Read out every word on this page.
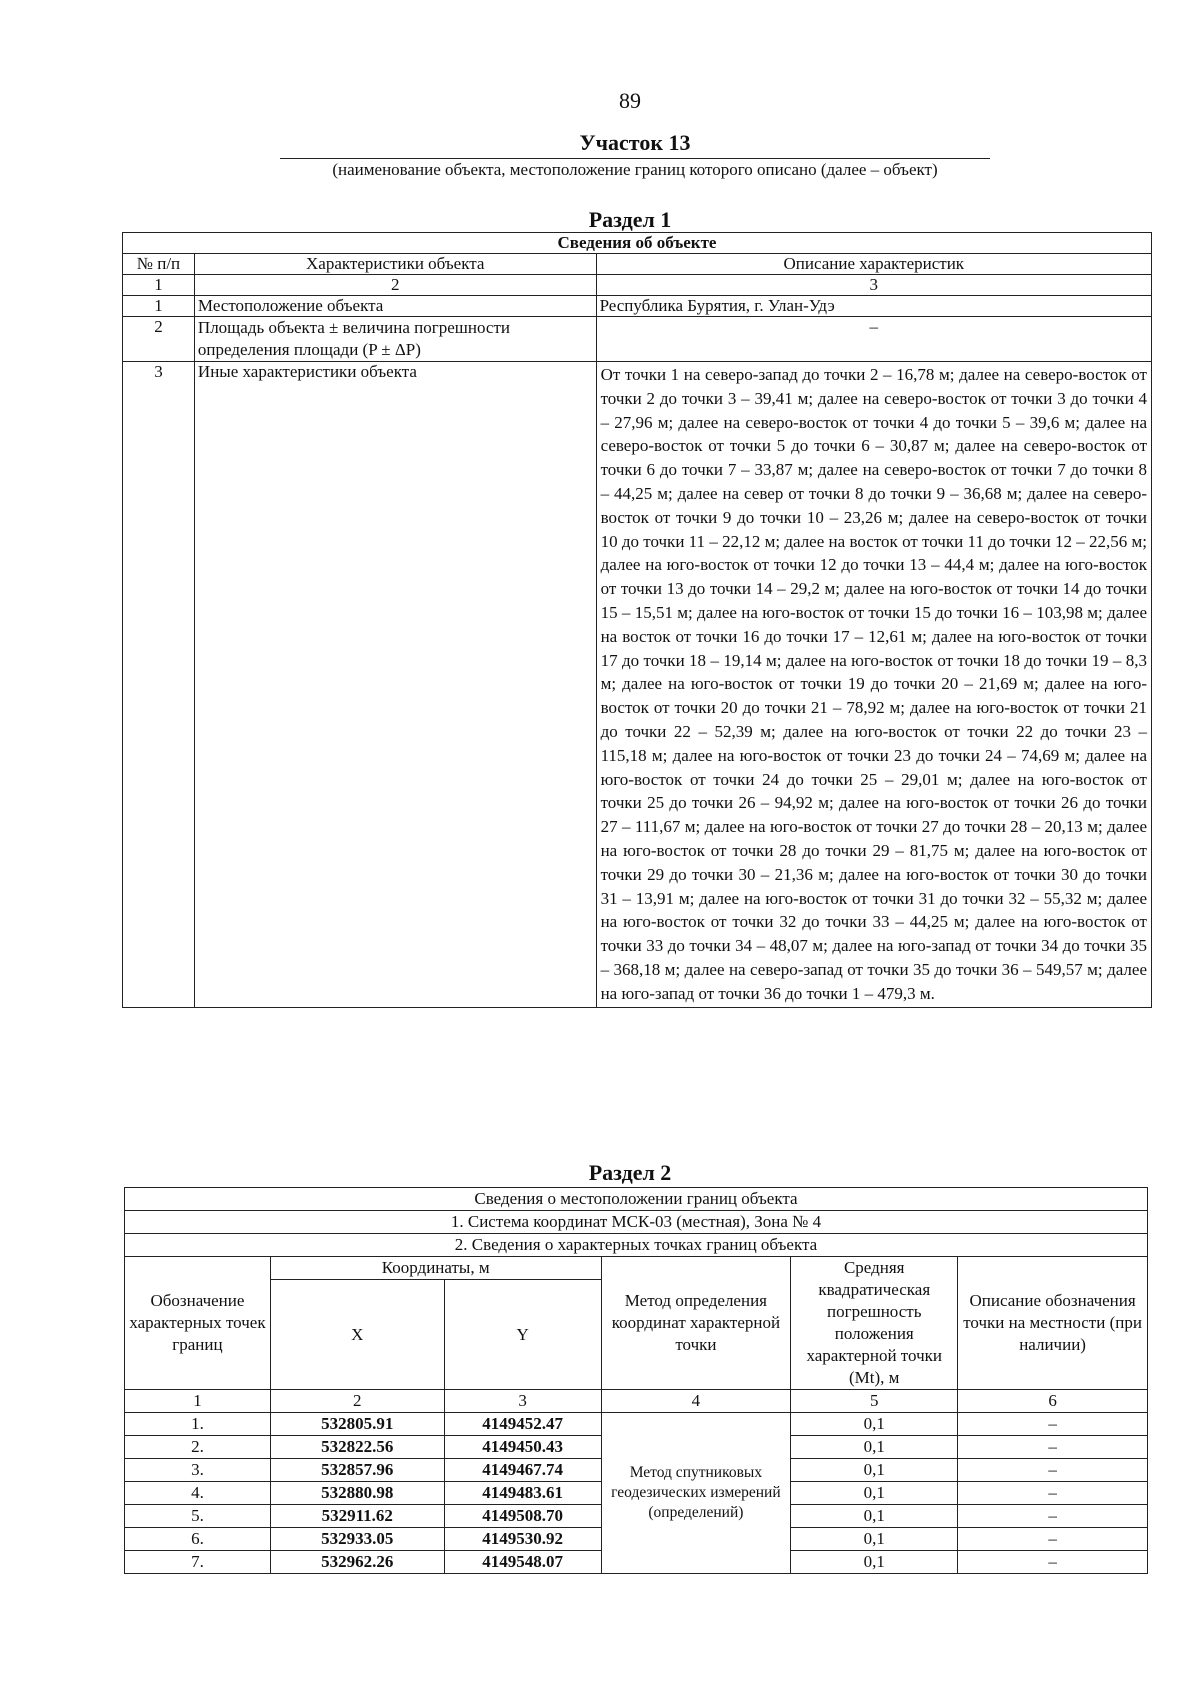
89
Участок 13
(наименование объекта, местоположение границ которого описано (далее – объект)
Раздел 1
Сведения об объекте		
№ п/п	Характеристики объекта	Описание характеристик
1	2	3
1	Местоположение объекта	Республика Бурятия, г. Улан-Удэ
2	Площадь объекта ± величина погрешности определения площади (P ± ΔP)	–
3	Иные характеристики объекта	От точки 1 на северо-запад до точки 2 – 16,78 м; далее на северо-восток от точки 2 до точки 3 – 39,41 м; далее на северо-восток от точки 3 до точки 4 – 27,96 м; далее на северо-восток от точки 4 до точки 5 – 39,6 м; далее на северо-восток от точки 5 до точки 6 – 30,87 м; далее на северо-восток от точки 6 до точки 7 – 33,87 м; далее на северо-восток от точки 7 до точки 8 – 44,25 м; далее на север от точки 8 до точки 9 – 36,68 м; далее на северо-восток от точки 9 до точки 10 – 23,26 м; далее на северо-восток от точки 10 до точки 11 – 22,12 м; далее на восток от точки 11 до точки 12 – 22,56 м; далее на юго-восток от точки 12 до точки 13 – 44,4 м; далее на юго-восток от точки 13 до точки 14 – 29,2 м; далее на юго-восток от точки 14 до точки 15 – 15,51 м; далее на юго-восток от точки 15 до точки 16 – 103,98 м; далее на восток от точки 16 до точки 17 – 12,61 м; далее на юго-восток от точки 17 до точки 18 – 19,14 м; далее на юго-восток от точки 18 до точки 19 – 8,3 м; далее на юго-восток от точки 19 до точки 20 – 21,69 м; далее на юго-восток от точки 20 до точки 21 – 78,92 м; далее на юго-восток от точки 21 до точки 22 – 52,39 м; далее на юго-восток от точки 22 до точки 23 – 115,18 м; далее на юго-восток от точки 23 до точки 24 – 74,69 м; далее на юго-восток от точки 24 до точки 25 – 29,01 м; далее на юго-восток от точки 25 до точки 26 – 94,92 м; далее на юго-восток от точки 26 до точки 27 – 111,67 м; далее на юго-восток от точки 27 до точки 28 – 20,13 м; далее на юго-восток от точки 28 до точки 29 – 81,75 м; далее на юго-восток от точки 29 до точки 30 – 21,36 м; далее на юго-восток от точки 30 до точки 31 – 13,91 м; далее на юго-восток от точки 31 до точки 32 – 55,32 м; далее на юго-восток от точки 32 до точки 33 – 44,25 м; далее на юго-восток от точки 33 до точки 34 – 48,07 м; далее на юго-запад от точки 34 до точки 35 – 368,18 м; далее на северо-запад от точки 35 до точки 36 – 549,57 м; далее на юго-запад от точки 36 до точки 1 – 479,3 м.
Раздел 2
Сведения о местоположении границ объекта					
1. Система координат МСК-03 (местная), Зона № 4					
2. Сведения о характерных точках границ объекта					
Обозначение характерных точек границ	Координаты, м		Метод определения координат характерной точки	Средняя квадратическая погрешность положения характерной точки (Mt), м	Описание обозначения точки на местности (при наличии)
	X	Y			
1	2	3	4	5	6
1.	532805.91	4149452.47	Метод спутниковых геодезических измерений (определений)	0,1	–
2.	532822.56	4149450.43		0,1	–
3.	532857.96	4149467.74		0,1	–
4.	532880.98	4149483.61		0,1	–
5.	532911.62	4149508.70		0,1	–
6.	532933.05	4149530.92		0,1	–
7.	532962.26	4149548.07		0,1	–
